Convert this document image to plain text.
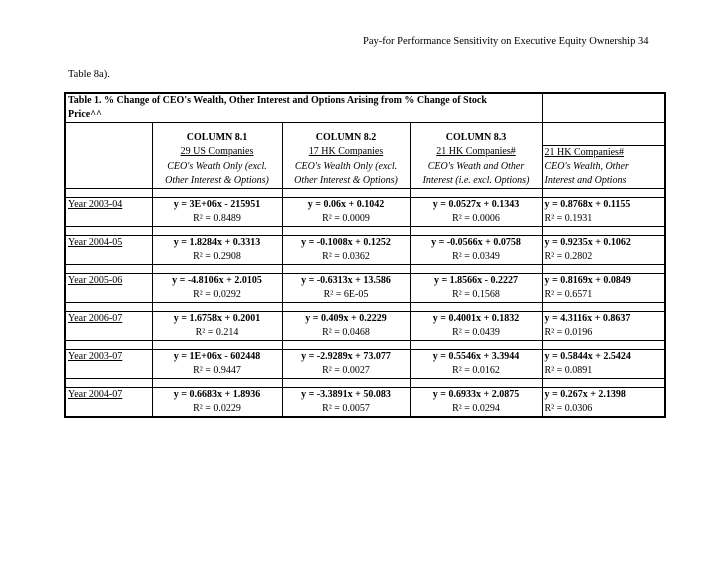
Pay-for Performance Sensitivity on Executive Equity Ownership 34
Table 8a).
Table 1. % Change of CEO's Wealth, Other Interest and Options Arising from % Change of Stock
Price^^				

	COLUMN 8.1	COLUMN 8.2	COLUMN 8.3	
	29 US Companies	17 HK Companies	21 HK Companies#	21 HK Companies#
	CEO's Weath Only (excl.	CEO's Wealth Only (excl.	CEO's Weath and Other	CEO's Wealth, Other
	Other Interest & Options)	Other Interest & Options)	Interest (i.e. excl. Options)	Interest and Options

Year 2003-04	y = 3E+06x - 215951	y = 0.06x + 0.1042	y = 0.0527x + 0.1343	y = 0.8768x + 0.1155
	R² = 0.8489	R² = 0.0009	R² = 0.0006	R² = 0.1931

Year 2004-05	y = 1.8284x + 0.3313	y = -0.1008x + 0.1252	y = -0.0566x + 0.0758	y = 0.9235x + 0.1062
	R² = 0.2908	R² = 0.0362	R² = 0.0349	R² = 0.2802

Year 2005-06	y = -4.8106x + 2.0105	y = -0.6313x + 13.586	y = 1.8566x - 0.2227	y = 0.8169x + 0.0849
	R² = 0.0292	R² = 6E-05	R² = 0.1568	R² = 0.6571

Year 2006-07	y = 1.6758x + 0.2001	y = 0.409x + 0.2229	y = 0.4001x + 0.1832	y = 4.3116x + 0.8637
	R² = 0.214	R² = 0.0468	R² = 0.0439	R² = 0.0196

Year 2003-07	y = 1E+06x - 602448	y = -2.9289x + 73.077	y = 0.5546x + 3.3944	y = 0.5844x + 2.5424
	R² = 0.9447	R² = 0.0027	R² = 0.0162	R² = 0.0891

Year 2004-07	y = 0.6683x + 1.8936	y = -3.3891x + 50.083	y = 0.6933x + 2.0875	y = 0.267x + 2.1398
	R² = 0.0229	R² = 0.0057	R² = 0.0294	R² = 0.0306
